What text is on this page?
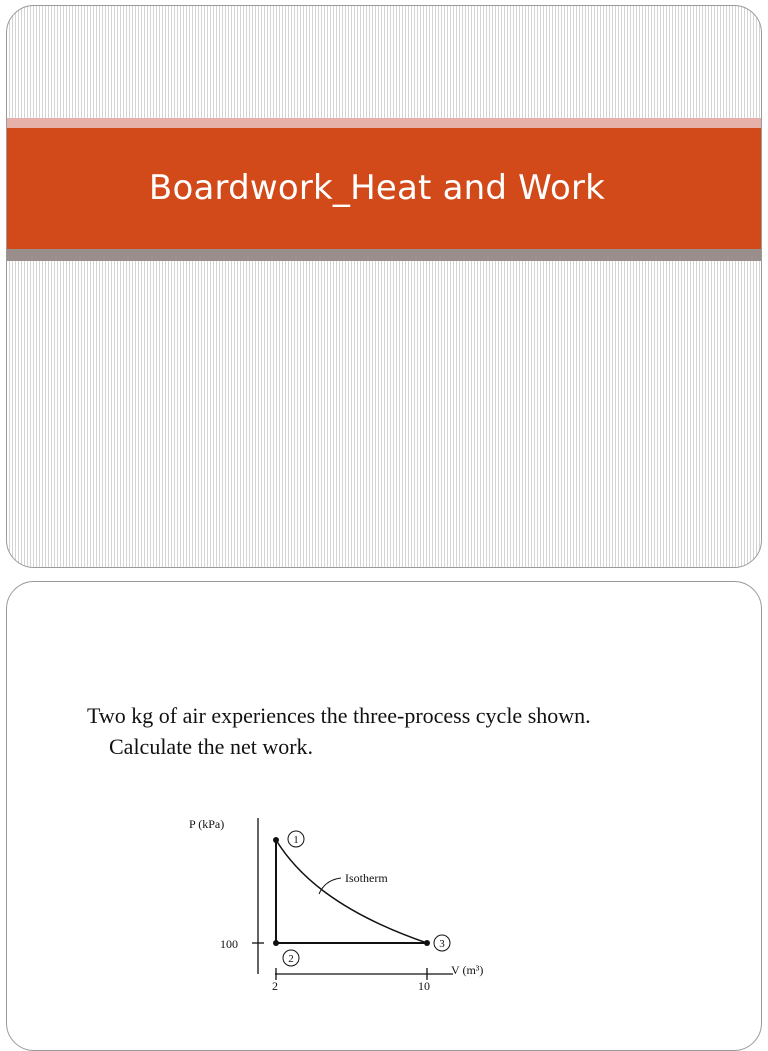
Boardwork_Heat and Work

Two kg of air experiences the three-process cycle shown.

Calculate the net work.

P (kPa)
V (m³)
100
2	10
1
2
3
Isotherm
